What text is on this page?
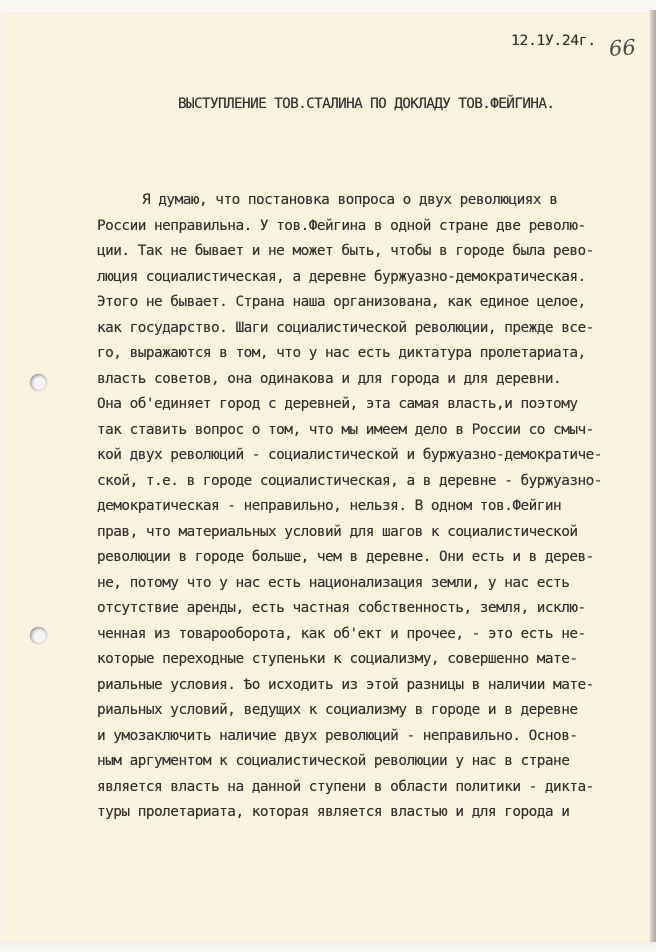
12.1У.24г. 66
ВЫСТУПЛЕНИЕ ТОВ.СТАЛИНА ПО ДОКЛАДУ ТОВ.ФЕЙГИНА.
Я думаю, что постановка вопроса о двух революциях в
России неправильна. У тов.Фейгина в одной стране две револю-
ции. Так не бывает и не может быть, чтобы в городе была рево-
люция социалистическая, а деревне буржуазно-демократическая.
Этого не бывает. Страна наша организована, как единое целое,
как государство. Шаги социалистической революции, прежде все-
го, выражаются в том, что у нас есть диктатура пролетариата,
власть советов, она одинакова и для города и для деревни.
Она об'единяет город с деревней, эта самая власть,и поэтому
так ставить вопрос о том, что мы имеем дело в России со смыч-
кой двух революций - социалистической и буржуазно-демократиче-
ской, т.е. в городе социалистическая, а в деревне - буржуазно-
демократическая - неправильно, нельзя. В одном тов.Фейгин
прав, что материальных условий для шагов к социалистической
революции в городе больше, чем в деревне. Они есть и в дерев-
не, потому что у нас есть национализация земли, у нас есть
отсутствие аренды, есть частная собственность, земля, исклю-
ченная из товарооборота, как об'ект и прочее, - это есть не-
которые переходные ступеньки к социализму, совершенно мате-
риальные условия. Ѣо исходить из этой разницы в наличии мате-
риальных условий, ведущих к социализму в городе и в деревне
и умозаключить наличие двух революций - неправильно. Основ-
ным аргументом к социалистической революции у нас в стране
является власть на данной ступени в области политики - дикта-
туры пролетариата, которая является властью и для города и
